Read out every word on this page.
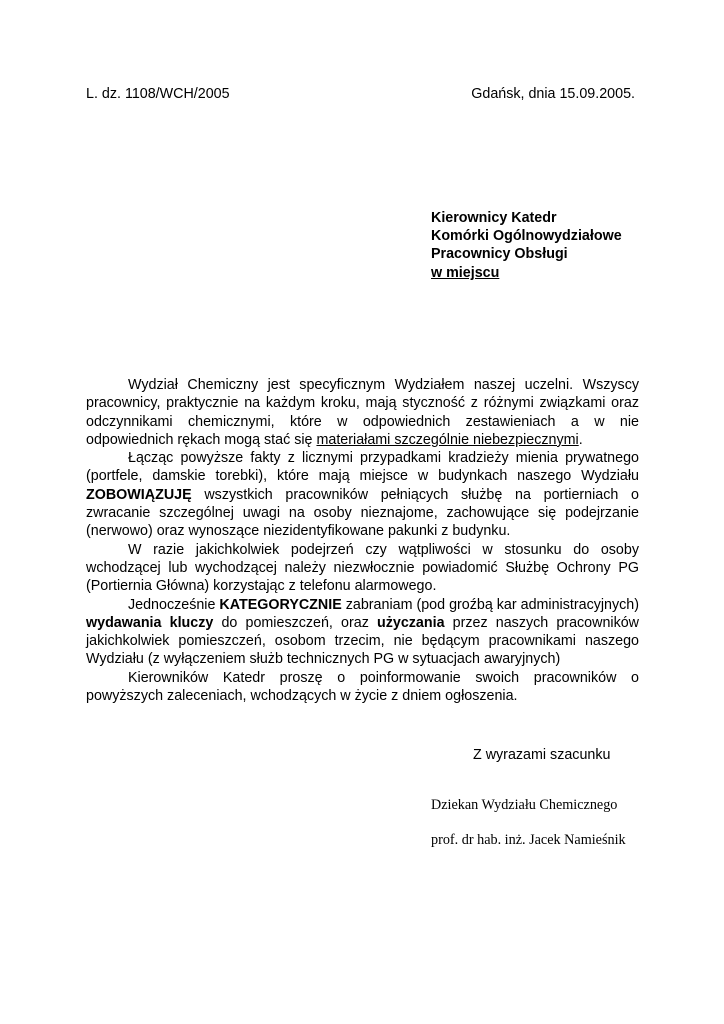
L. dz. 1108/WCH/2005	Gdańsk, dnia 15.09.2005.
Kierownicy Katedr
Komórki Ogólnowydziałowe
Pracownicy Obsługi
w miejscu

Wydział Chemiczny jest specyficznym Wydziałem naszej uczelni. Wszyscy pracownicy, praktycznie na każdym kroku, mają styczność z różnymi związkami oraz odczynnikami chemicznymi, które w odpowiednich zestawieniach a w nie odpowiednich rękach mogą stać się materiałami szczególnie niebezpiecznymi.

Łącząc powyższe fakty z licznymi przypadkami kradzieży mienia prywatnego (portfele, damskie torebki), które mają miejsce w budynkach naszego Wydziału ZOBOWIĄZUJĘ wszystkich pracowników pełniących służbę na portierniach o zwracanie szczególnej uwagi na osoby nieznajome, zachowujące się podejrzanie (nerwowo) oraz wynoszące niezidentyfikowane pakunki z budynku.

W razie jakichkolwiek podejrzeń czy wątpliwości w stosunku do osoby wchodzącej lub wychodzącej należy niezwłocznie powiadomić Służbę Ochrony PG (Portiernia Główna) korzystając z telefonu alarmowego.

Jednocześnie KATEGORYCZNIE zabraniam (pod groźbą kar administracyjnych) wydawania kluczy do pomieszczeń, oraz użyczania przez naszych pracowników jakichkolwiek pomieszczeń, osobom trzecim, nie będącym pracownikami naszego Wydziału (z wyłączeniem służb technicznych PG w sytuacjach awaryjnych)

Kierowników Katedr proszę o poinformowanie swoich pracowników o powyższych zaleceniach, wchodzących w życie z dniem ogłoszenia.

Z wyrazami szacunku
Dziekan Wydziału Chemicznego
prof. dr hab. inż. Jacek Namieśnik
